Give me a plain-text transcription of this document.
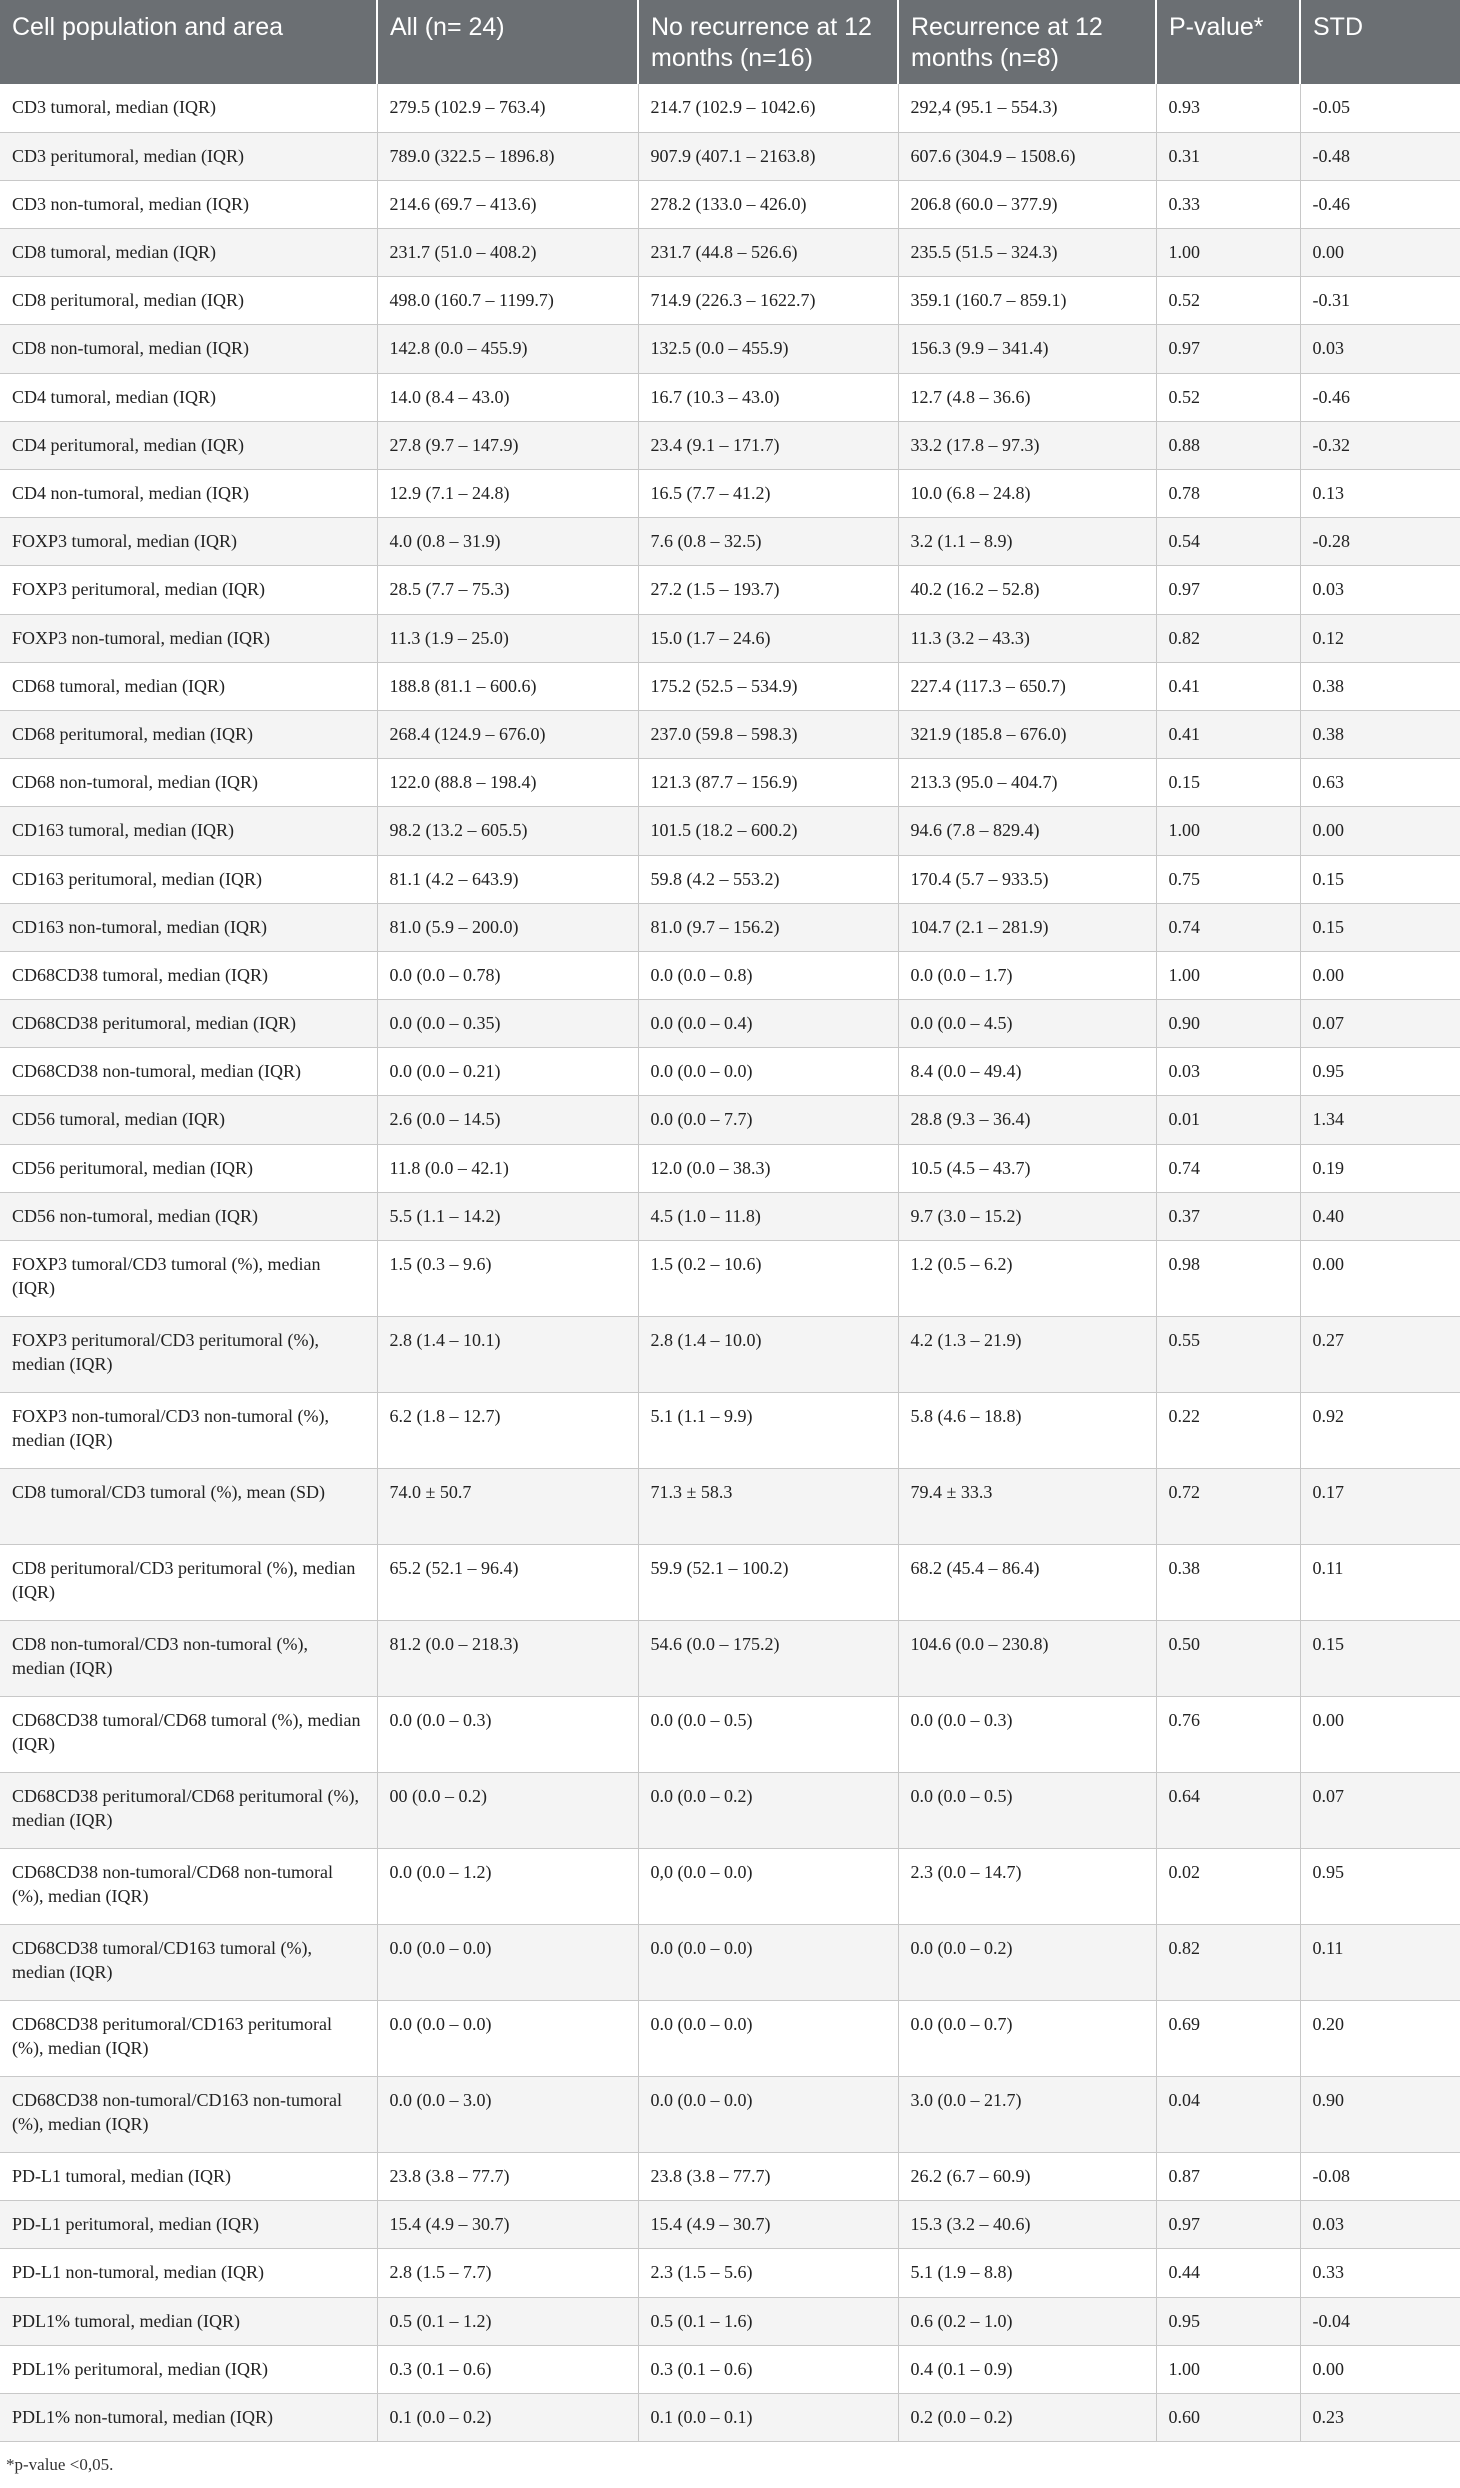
Cell population and area	All (n= 24)	No recurrence at 12 months (n=16)	Recurrence at 12 months (n=8)	P-value*	STD
CD3 tumoral, median (IQR)	279.5 (102.9 – 763.4)	214.7 (102.9 – 1042.6)	292,4 (95.1 – 554.3)	0.93	-0.05
CD3 peritumoral, median (IQR)	789.0 (322.5 – 1896.8)	907.9 (407.1 – 2163.8)	607.6 (304.9 – 1508.6)	0.31	-0.48
CD3 non-tumoral, median (IQR)	214.6 (69.7 – 413.6)	278.2 (133.0 – 426.0)	206.8 (60.0 – 377.9)	0.33	-0.46
CD8 tumoral, median (IQR)	231.7 (51.0 – 408.2)	231.7 (44.8 – 526.6)	235.5 (51.5 – 324.3)	1.00	0.00
CD8 peritumoral, median (IQR)	498.0 (160.7 – 1199.7)	714.9 (226.3 – 1622.7)	359.1 (160.7 – 859.1)	0.52	-0.31
CD8 non-tumoral, median (IQR)	142.8 (0.0 – 455.9)	132.5 (0.0 – 455.9)	156.3 (9.9 – 341.4)	0.97	0.03
CD4 tumoral, median (IQR)	14.0 (8.4 – 43.0)	16.7 (10.3 – 43.0)	12.7 (4.8 – 36.6)	0.52	-0.46
CD4 peritumoral, median (IQR)	27.8 (9.7 – 147.9)	23.4 (9.1 – 171.7)	33.2 (17.8 – 97.3)	0.88	-0.32
CD4 non-tumoral, median (IQR)	12.9 (7.1 – 24.8)	16.5 (7.7 – 41.2)	10.0 (6.8 – 24.8)	0.78	0.13
FOXP3 tumoral, median (IQR)	4.0 (0.8 – 31.9)	7.6 (0.8 – 32.5)	3.2 (1.1 – 8.9)	0.54	-0.28
FOXP3 peritumoral, median (IQR)	28.5 (7.7 – 75.3)	27.2 (1.5 – 193.7)	40.2 (16.2 – 52.8)	0.97	0.03
FOXP3 non-tumoral, median (IQR)	11.3 (1.9 – 25.0)	15.0 (1.7 – 24.6)	11.3 (3.2 – 43.3)	0.82	0.12
CD68 tumoral, median (IQR)	188.8 (81.1 – 600.6)	175.2 (52.5 – 534.9)	227.4 (117.3 – 650.7)	0.41	0.38
CD68 peritumoral, median (IQR)	268.4 (124.9 – 676.0)	237.0 (59.8 – 598.3)	321.9 (185.8 – 676.0)	0.41	0.38
CD68 non-tumoral, median (IQR)	122.0 (88.8 – 198.4)	121.3 (87.7 – 156.9)	213.3 (95.0 – 404.7)	0.15	0.63
CD163 tumoral, median (IQR)	98.2 (13.2 – 605.5)	101.5 (18.2 – 600.2)	94.6 (7.8 – 829.4)	1.00	0.00
CD163 peritumoral, median (IQR)	81.1 (4.2 – 643.9)	59.8 (4.2 – 553.2)	170.4 (5.7 – 933.5)	0.75	0.15
CD163 non-tumoral, median (IQR)	81.0 (5.9 – 200.0)	81.0 (9.7 – 156.2)	104.7 (2.1 – 281.9)	0.74	0.15
CD68CD38 tumoral, median (IQR)	0.0 (0.0 – 0.78)	0.0 (0.0 – 0.8)	0.0 (0.0 – 1.7)	1.00	0.00
CD68CD38 peritumoral, median (IQR)	0.0 (0.0 – 0.35)	0.0 (0.0 – 0.4)	0.0 (0.0 – 4.5)	0.90	0.07
CD68CD38 non-tumoral, median (IQR)	0.0 (0.0 – 0.21)	0.0 (0.0 – 0.0)	8.4 (0.0 – 49.4)	0.03	0.95
CD56 tumoral, median (IQR)	2.6 (0.0 – 14.5)	0.0 (0.0 – 7.7)	28.8 (9.3 – 36.4)	0.01	1.34
CD56 peritumoral, median (IQR)	11.8 (0.0 – 42.1)	12.0 (0.0 – 38.3)	10.5 (4.5 – 43.7)	0.74	0.19
CD56 non-tumoral, median (IQR)	5.5 (1.1 – 14.2)	4.5 (1.0 – 11.8)	9.7 (3.0 – 15.2)	0.37	0.40
FOXP3 tumoral/CD3 tumoral (%), median (IQR)	1.5 (0.3 – 9.6)	1.5 (0.2 – 10.6)	1.2 (0.5 – 6.2)	0.98	0.00
FOXP3 peritumoral/CD3 peritumoral (%), median (IQR)	2.8 (1.4 – 10.1)	2.8 (1.4 – 10.0)	4.2 (1.3 – 21.9)	0.55	0.27
FOXP3 non-tumoral/CD3 non-tumoral (%), median (IQR)	6.2 (1.8 – 12.7)	5.1 (1.1 – 9.9)	5.8 (4.6 – 18.8)	0.22	0.92
CD8 tumoral/CD3 tumoral (%), mean (SD)	74.0 ± 50.7	71.3 ± 58.3	79.4 ± 33.3	0.72	0.17
CD8 peritumoral/CD3 peritumoral (%), median (IQR)	65.2 (52.1 – 96.4)	59.9 (52.1 – 100.2)	68.2 (45.4 – 86.4)	0.38	0.11
CD8 non-tumoral/CD3 non-tumoral (%), median (IQR)	81.2 (0.0 – 218.3)	54.6 (0.0 – 175.2)	104.6 (0.0 – 230.8)	0.50	0.15
CD68CD38 tumoral/CD68 tumoral (%), median (IQR)	0.0 (0.0 – 0.3)	0.0 (0.0 – 0.5)	0.0 (0.0 – 0.3)	0.76	0.00
CD68CD38 peritumoral/CD68 peritumoral (%), median (IQR)	00 (0.0 – 0.2)	0.0 (0.0 – 0.2)	0.0 (0.0 – 0.5)	0.64	0.07
CD68CD38 non-tumoral/CD68 non-tumoral (%), median (IQR)	0.0 (0.0 – 1.2)	0,0 (0.0 – 0.0)	2.3 (0.0 – 14.7)	0.02	0.95
CD68CD38 tumoral/CD163 tumoral (%), median (IQR)	0.0 (0.0 – 0.0)	0.0 (0.0 – 0.0)	0.0 (0.0 – 0.2)	0.82	0.11
CD68CD38 peritumoral/CD163 peritumoral (%), median (IQR)	0.0 (0.0 – 0.0)	0.0 (0.0 – 0.0)	0.0 (0.0 – 0.7)	0.69	0.20
CD68CD38 non-tumoral/CD163 non-tumoral (%), median (IQR)	0.0 (0.0 – 3.0)	0.0 (0.0 – 0.0)	3.0 (0.0 – 21.7)	0.04	0.90
PD-L1 tumoral, median (IQR)	23.8 (3.8 – 77.7)	23.8 (3.8 – 77.7)	26.2 (6.7 – 60.9)	0.87	-0.08
PD-L1 peritumoral, median (IQR)	15.4 (4.9 – 30.7)	15.4 (4.9 – 30.7)	15.3 (3.2 – 40.6)	0.97	0.03
PD-L1 non-tumoral, median (IQR)	2.8 (1.5 – 7.7)	2.3 (1.5 – 5.6)	5.1 (1.9 – 8.8)	0.44	0.33
PDL1% tumoral, median (IQR)	0.5 (0.1 – 1.2)	0.5 (0.1 – 1.6)	0.6 (0.2 – 1.0)	0.95	-0.04
PDL1% peritumoral, median (IQR)	0.3 (0.1 – 0.6)	0.3 (0.1 – 0.6)	0.4 (0.1 – 0.9)	1.00	0.00
PDL1% non-tumoral, median (IQR)	0.1 (0.0 – 0.2)	0.1 (0.0 – 0.1)	0.2 (0.0 – 0.2)	0.60	0.23
*p-value <0,05.
